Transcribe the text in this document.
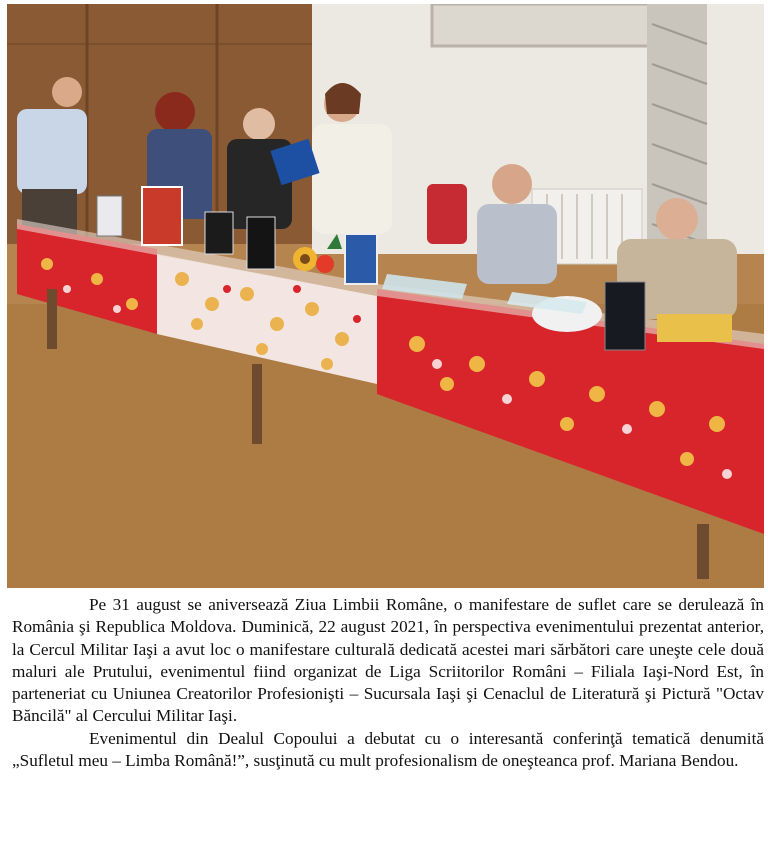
Pe 31 august se aniversează Ziua Limbii Române, o manifestare de suflet care se derulează în România şi Republica Moldova. Duminică, 22 august 2021, în perspectiva evenimentului prezentat anterior, la Cercul Militar Iaşi a avut loc o manifestare culturală dedicată acestei mari sărbători care uneşte cele două maluri ale Prutului, evenimentul fiind organizat de Liga Scriitorilor Români – Filiala Iaşi-Nord Est, în parteneriat cu Uniunea Creatorilor Profesionişti – Sucursala Iaşi şi Cenaclul de Literatură şi Pictură "Octav Băncilă" al Cercului Militar Iaşi.

Evenimentul din Dealul Copoului a debutat cu o interesantă conferinţă tematică denumită „Sufletul meu – Limba Română!”, susţinută cu mult profesionalism de oneşteanca prof. Mariana Bendou.
